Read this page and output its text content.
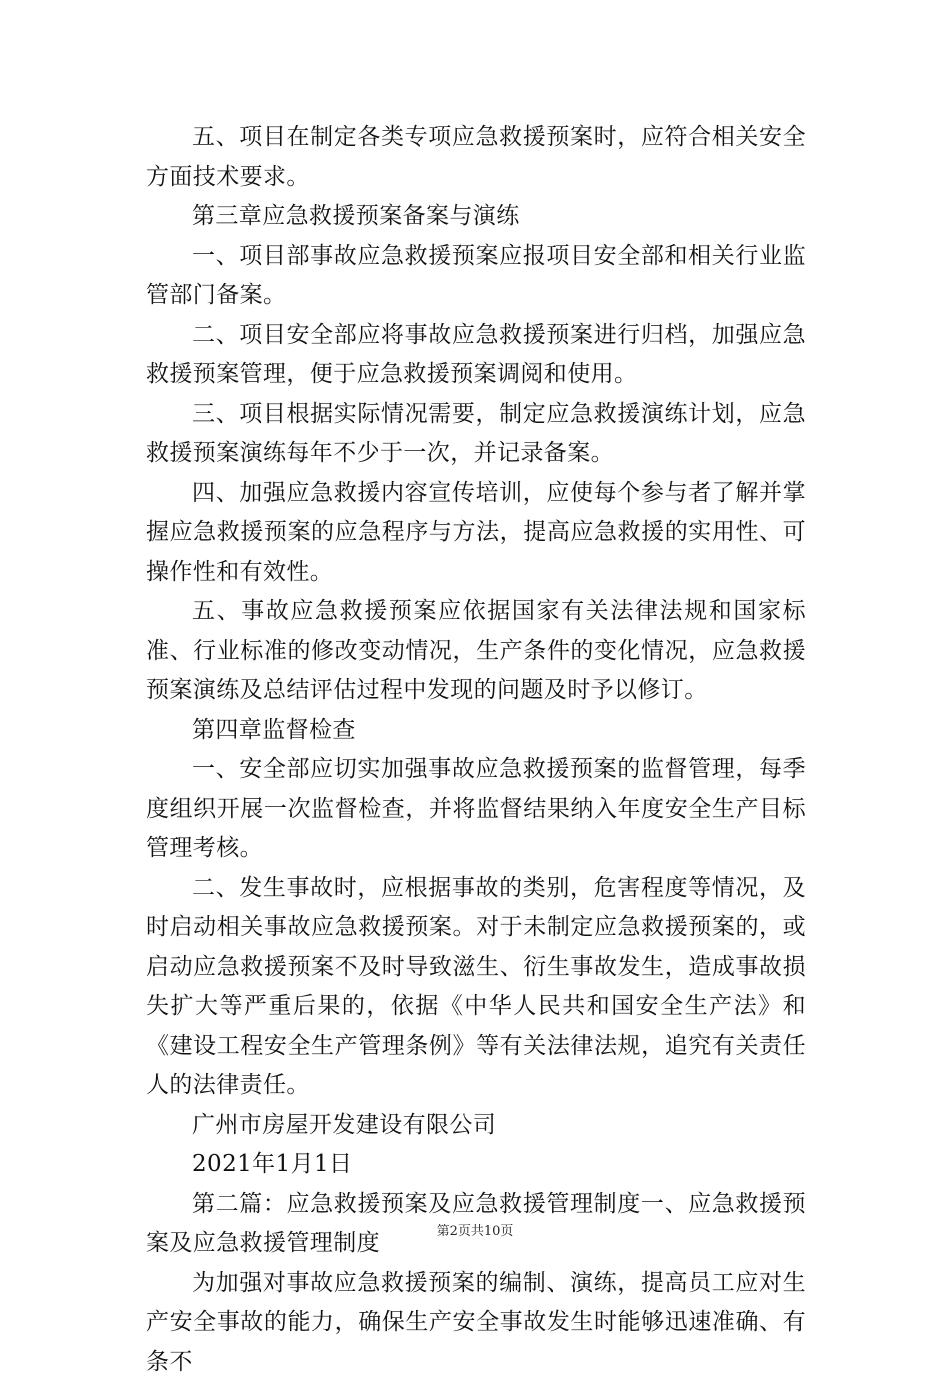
五、项目在制定各类专项应急救援预案时，应符合相关安全方面技术要求。

第三章应急救援预案备案与演练

一、项目部事故应急救援预案应报项目安全部和相关行业监管部门备案。

二、项目安全部应将事故应急救援预案进行归档，加强应急救援预案管理，便于应急救援预案调阅和使用。

三、项目根据实际情况需要，制定应急救援演练计划，应急救援预案演练每年不少于一次，并记录备案。

四、加强应急救援内容宣传培训，应使每个参与者了解并掌握应急救援预案的应急程序与方法，提高应急救援的实用性、可操作性和有效性。

五、事故应急救援预案应依据国家有关法律法规和国家标准、行业标准的修改变动情况，生产条件的变化情况，应急救援预案演练及总结评估过程中发现的问题及时予以修订。

第四章监督检查

一、安全部应切实加强事故应急救援预案的监督管理，每季度组织开展一次监督检查，并将监督结果纳入年度安全生产目标管理考核。

二、发生事故时，应根据事故的类别，危害程度等情况，及时启动相关事故应急救援预案。对于未制定应急救援预案的，或启动应急救援预案不及时导致滋生、衍生事故发生，造成事故损失扩大等严重后果的，依据《中华人民共和国安全生产法》和《建设工程安全生产管理条例》等有关法律法规，追究有关责任人的法律责任。

广州市房屋开发建设有限公司

2021年1月1日

第二篇：应急救援预案及应急救援管理制度一、应急救援预案及应急救援管理制度

为加强对事故应急救援预案的编制、演练，提高员工应对生产安全事故的能力，确保生产安全事故发生时能够迅速准确、有条不

第2页共10页
